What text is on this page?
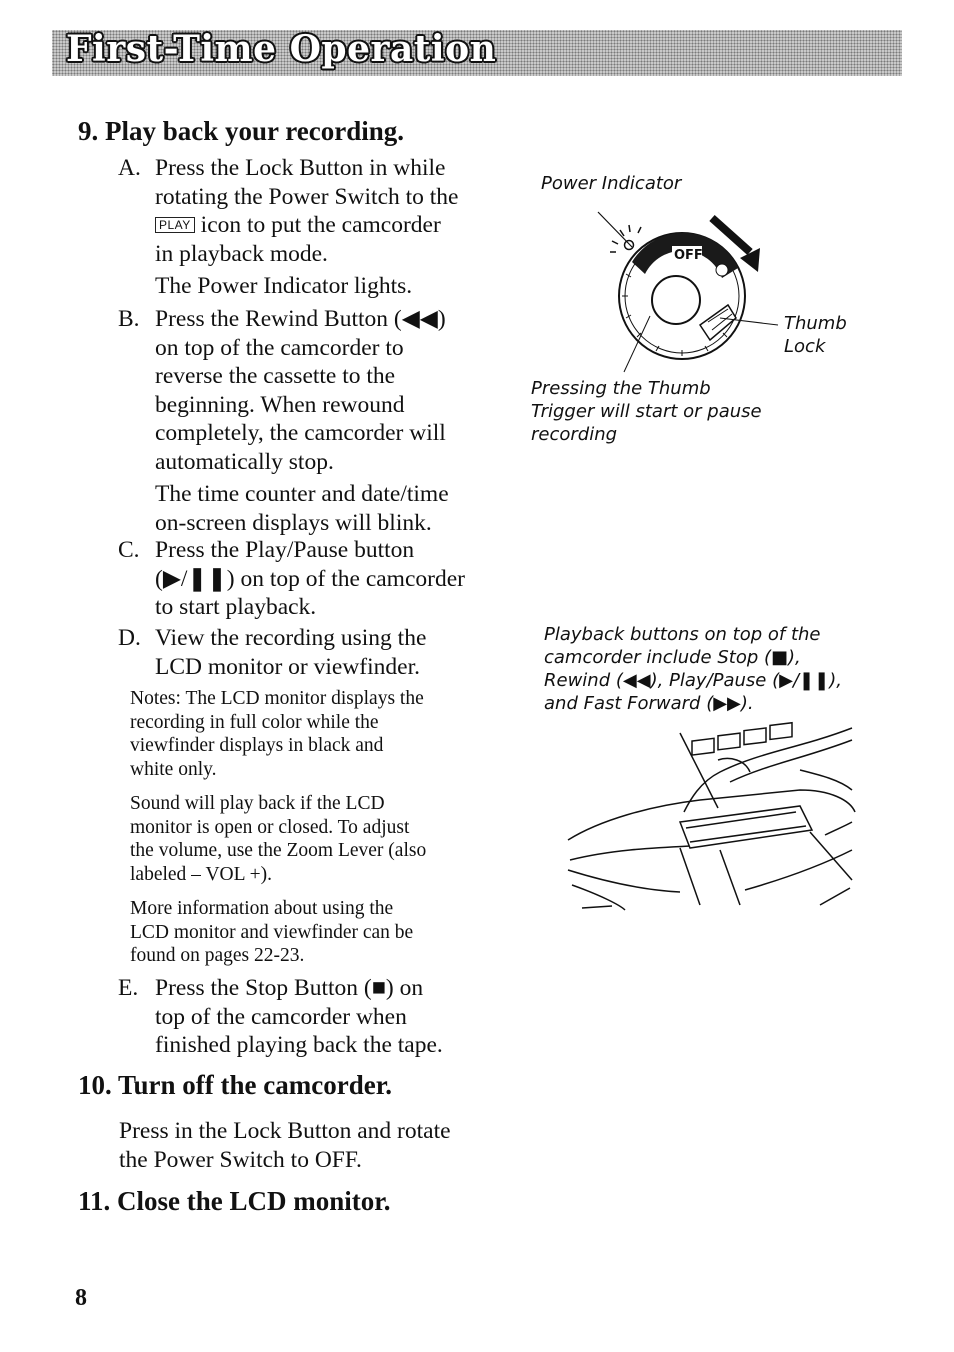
First-Time Operation
9. Play back your recording.
A. Press the Lock Button in while
rotating the Power Switch to the
PLAY icon to put the camcorder
in playback mode.
The Power Indicator lights.
B. Press the Rewind Button (◀◀)
on top of the camcorder to
reverse the cassette to the
beginning. When rewound
completely, the camcorder will
automatically stop.
The time counter and date/time
on-screen displays will blink.
C. Press the Play/Pause button
(▶/❚❚) on top of the camcorder
to start playback.
D. View the recording using the
LCD monitor or viewfinder.
Notes: The LCD monitor displays the
recording in full color while the
viewfinder displays in black and
white only.
Sound will play back if the LCD
monitor is open or closed. To adjust
the volume, use the Zoom Lever (also
labeled – VOL +).
More information about using the
LCD monitor and viewfinder can be
found on pages 22-23.
E. Press the Stop Button (■) on
top of the camcorder when
finished playing back the tape.
10. Turn off the camcorder.
Press in the Lock Button and rotate
the Power Switch to OFF.
11. Close the LCD monitor.
Power Indicator
OFF
Thumb
Lock
Pressing the Thumb
Trigger will start or pause
recording
Playback buttons on top of the
camcorder include Stop (■),
Rewind (◀◀), Play/Pause (▶/❚❚),
and Fast Forward (▶▶).
8
